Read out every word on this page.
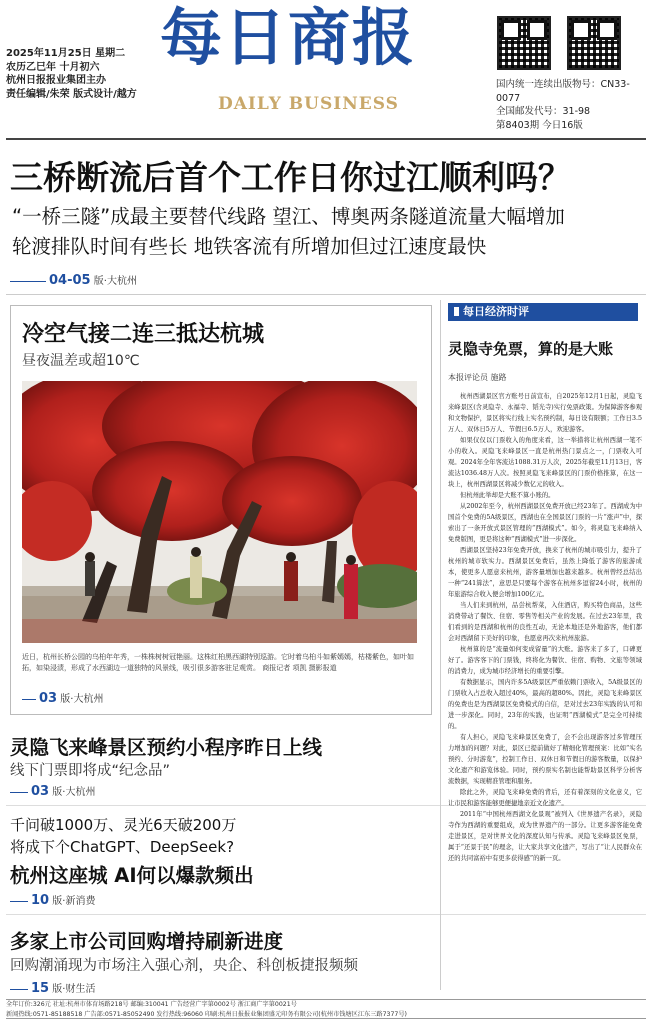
2025年11月25日 星期二
农历乙巳年 十月初六
杭州日报报业集团主办
责任编辑/朱荣 版式设计/越方
每日商报
DAILY BUSINESS
国内统一连续出版物号：CN33-0077
全国邮发代号：31-98
第8403期 今日16版
三桥断流后首个工作日你过江顺利吗？
“一桥三隧”成最主要替代线路 望江、博奥两条隧道流量大幅增加
轮渡排队时间有些长 地铁客流有所增加但过江速度最快
04-05 版·大杭州
冷空气接二连三抵达杭城
昼夜温差或超10℃
近日，杭州长桥公园的乌桕年年秀，一株株树树冠艳丽。这株红桕黑西湖特别巡游。它时着乌桕斗如紫嫣嫣，枯楼紫色，如叶如拓，如染浸渍，形成了水西湖边一道独特的风景线，吸引很多游客驻足观赏。 商报记者 项凯 摄影报道
03 版·大杭州
灵隐飞来峰景区预约小程序昨日上线
线下门票即将成“纪念品”
03 版·大杭州
千问破1000万、灵光6天破200万
将成下个ChatGPT、DeepSeek?
杭州这座城 AI何以爆款频出
10 版·新消费
多家上市公司回购增持刷新进度
回购潮涌现为市场注入强心剂，央企、科创板捷报频频
15 版·财生活
每日经济时评
灵隐寺免票，算的是大账
本报评论员 施路

杭州西湖景区官方账号日前宣布，自2025年12月1日起，灵隐飞来峰景区(含灵隐寺、永福寺、韬光寺)实行免票政策。为保障游客参观和文物保护，景区将实行线上实名预约制，每日设有限额；工作日3.5万人、双休日5万人、节假日6.5万人，欢迎游客。

如果仅仅以门票收入的角度来看，这一举措将让杭州西湖一笔不小的收入。灵隐飞来峰景区一直是杭州热门景点之一，门票收入可观。2024年全年客流达1088.31万人次，2025年截至11月13日，客流达1036.48万人次。按照灵隐飞来峰景区的门票价格推算，在这一块上，杭州西湖景区将减少数亿元的收入。

但杭州此举却是大账不算小账的。

从2002年至今，杭州西湖景区免费开放已经23年了。西湖成为中国首个免费的5A级景区，西湖也在全国景区门票的一片“涨声”中，探索出了一条开放式景区管理的“西湖模式”。如今，将灵隐飞来峰纳入免费版图，更是将这种“西湖模式”进一步深化。

西湖景区坚持23年免费开放，换来了杭州的城市吸引力，提升了杭州的城市软实力。西湖景区免费后，虽然上降低了游客的旅游成本，使更多人愿意来杭州，游客量增加也越来越多。杭州曾经总结出一种“241算法”，意思是只要每个游客在杭州多逗留24小时，杭州的年旅游综合收入便会增加100亿元。

当人们来到杭州，品尝杭帮菜，入住酒店，购买特色商品，这些消费带动了餐饮、住宿、零售等相关产业的发展。在过去23年里，我们看到的是西湖和杭州的良性互动，无论本地还是外地游客，他们都会对西湖留下美好的印象，也愿意再次来杭州旅游。

杭州算的是“流量如何变成留量”的大账。游客来了多了，口碑更好了。游客客下的门票钱，终将化为餐饮、住宿、购物、文旅等领域的消费力，成为城市经济增长的重要引擎。

有数据显示，国内许多5A级景区严重依赖门票收入，5A级景区的门票收入占总收入超过40%，最高的超80%。因此，灵隐飞来峰景区的免费也是为西湖景区免费模式的自信，是对过去23年实践的认可和进一步深化。同时，23年的实践，也证明“西湖模式”是完全可持续的。

有人担心，灵隐飞来峰景区免费了，会不会出现游客过多管理压力增加的问题？对此，景区已提前做好了精细化管理预案：比如“实名预约、分时游览”，控制工作日、双休日和节假日的游客数量，以保护文化遗产和游览体验。同时，预约票实名制也能帮助景区科学分析客流数据，实现精准管理和服务。

除此之外，灵隐飞来峰免费的背后，还有着深刻的文化意义，它让市民和游客能够更便捷地亲近文化遗产。

2011年“中国杭州西湖文化景观”被列入《世界遗产名录》，灵隐寺作为西湖的重要组成，成为世界遗产的一部分。让更多游客能免费走进景区，是对世界文化的深度认知与传承。灵隐飞来峰景区免票，属于“还景于民”的理念，让大家共享文化遗产，写出了“让人民群众在还的共同富裕中有更多获得感”的新一页。

全年订价:326元 社址:杭州市体育场路218号 邮编:310041 广告经营广字第0002号 浙江商广字第0021号
新闻热线:0571-85188518 广告部:0571-85052490 发行热线:96060 印刷:杭州日报报业集团盛元印务有限公司(杭州市钱塘区江东三路7377号)
